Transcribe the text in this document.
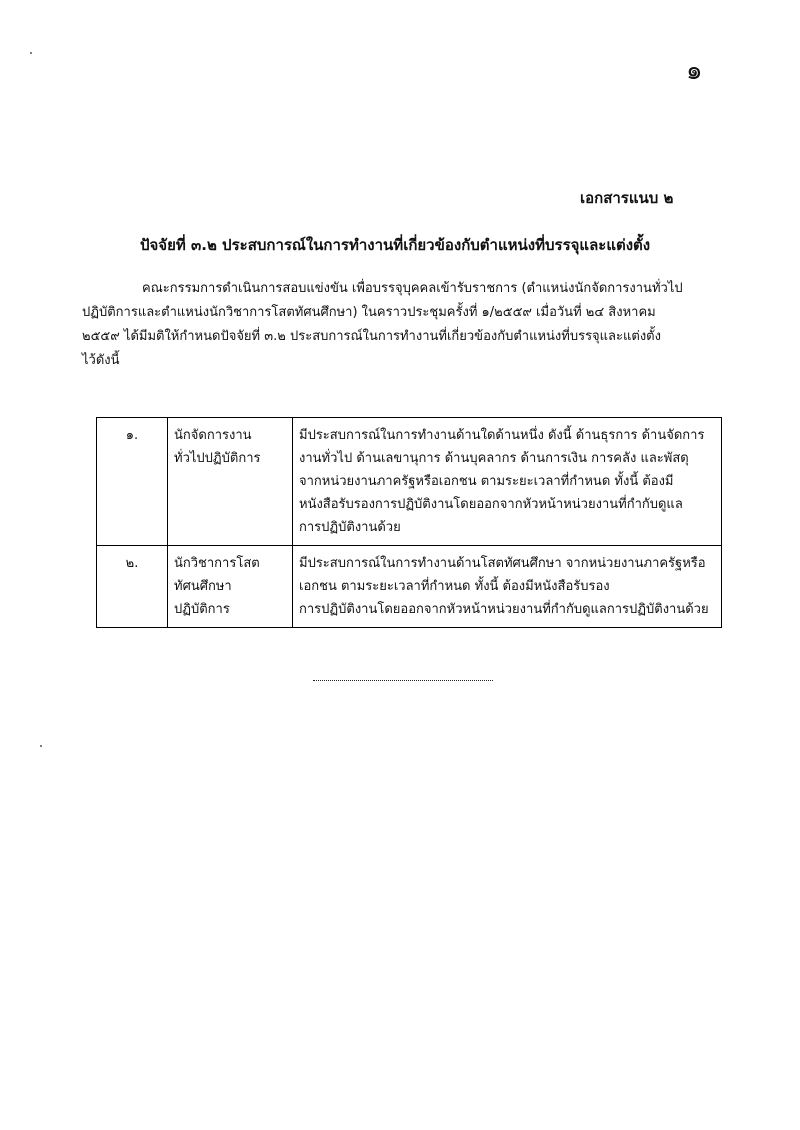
๑
เอกสารแนบ ๒
ปัจจัยที่ ๓.๒ ประสบการณ์ในการทำงานที่เกี่ยวข้องกับตำแหน่งที่บรรจุและแต่งตั้ง
คณะกรรมการดำเนินการสอบแข่งขัน เพื่อบรรจุบุคคลเข้ารับราชการ (ตำแหน่งนักจัดการงานทั่วไป
ปฏิบัติการและตำแหน่งนักวิชาการโสตทัศนศึกษา) ในคราวประชุมครั้งที่ ๑/๒๕๕๙ เมื่อวันที่ ๒๔ สิงหาคม
๒๕๕๙ ได้มีมติให้กำหนดปัจจัยที่ ๓.๒ ประสบการณ์ในการทำงานที่เกี่ยวข้องกับตำแหน่งที่บรรจุและแต่งตั้ง
ไว้ดังนี้
๑.	นักจัดการงาน
ทั่วไปปฏิบัติการ	มีประสบการณ์ในการทำงานด้านใดด้านหนึ่ง ดังนี้ ด้านธุรการ ด้านจัดการ
งานทั่วไป ด้านเลขานุการ ด้านบุคลากร ด้านการเงิน การคลัง และพัสดุ
จากหน่วยงานภาครัฐหรือเอกชน ตามระยะเวลาที่กำหนด ทั้งนี้ ต้องมี
หนังสือรับรองการปฏิบัติงานโดยออกจากหัวหน้าหน่วยงานที่กำกับดูแล
การปฏิบัติงานด้วย

๒.	นักวิชาการโสต
ทัศนศึกษา
ปฏิบัติการ	มีประสบการณ์ในการทำงานด้านโสตทัศนศึกษา จากหน่วยงานภาครัฐหรือ
เอกชน ตามระยะเวลาที่กำหนด ทั้งนี้ ต้องมีหนังสือรับรอง
การปฏิบัติงานโดยออกจากหัวหน้าหน่วยงานที่กำกับดูแลการปฏิบัติงานด้วย
